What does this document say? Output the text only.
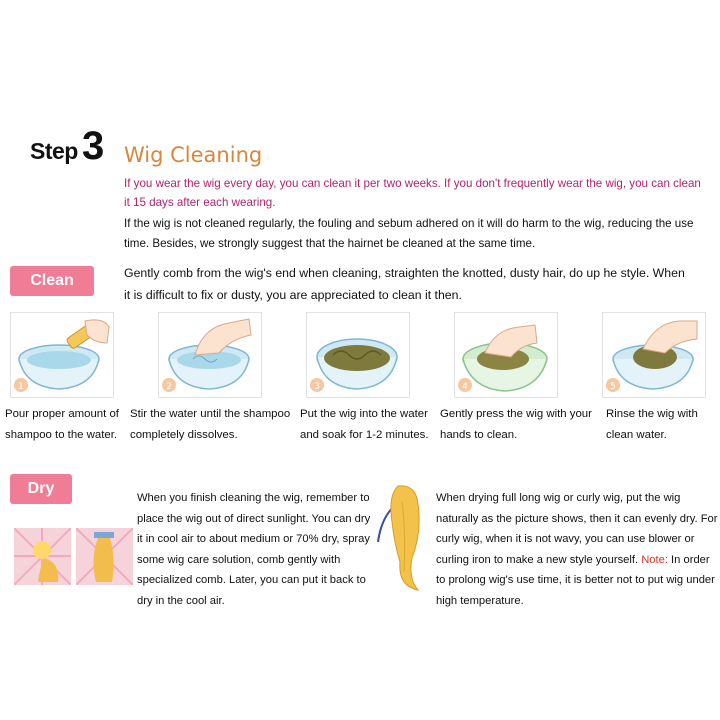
Step 3 Wig Cleaning
If you wear the wig every day, you can clean it per two weeks. If you don't frequently wear the wig, you can clean it 15 days after each wearing.
If the wig is not cleaned regularly, the fouling and sebum adhered on it will do harm to the wig, reducing the use time. Besides, we strongly suggest that the hairnet be cleaned at the same time.
Clean	Gently comb from the wig's end when cleaning, straighten the knotted, dusty hair, do up he style. When it is difficult to fix or dusty, you are appreciated to clean it then.
1	2	3	4	5
Pour proper amount of
shampoo to the water.
Stir the water until the shampoo
completely dissolves.
Put the wig into the water
and soak for 1-2 minutes.
Gently press the wig with your
hands to clean.
Rinse the wig with
clean water.
Dry
When you finish cleaning the wig, remember to place the wig out of direct sunlight. You can dry it in cool air to about medium or 70% dry, spray some wig care solution, comb gently with specialized comb. Later, you can put it back to dry in the cool air.
When drying full long wig or curly wig, put the wig naturally as the picture shows, then it can evenly dry. For curly wig, when it is not wavy, you can use blower or curling iron to make a new style yourself. Note: In order to prolong wig's use time, it is better not to put wig under high temperature.
